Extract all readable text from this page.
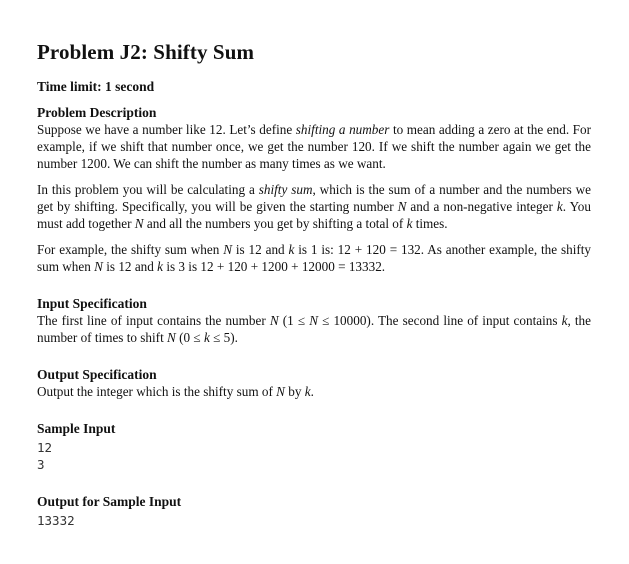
Problem J2: Shifty Sum
Time limit: 1 second
Problem Description

Suppose we have a number like 12. Let’s define shifting a number to mean adding a zero at the end. For example, if we shift that number once, we get the number 120. If we shift the number again we get the number 1200. We can shift the number as many times as we want.

In this problem you will be calculating a shifty sum, which is the sum of a number and the numbers we get by shifting. Specifically, you will be given the starting number N and a non-negative integer k. You must add together N and all the numbers you get by shifting a total of k times.

For example, the shifty sum when N is 12 and k is 1 is: 12 + 120 = 132. As another example, the shifty sum when N is 12 and k is 3 is 12 + 120 + 1200 + 12000 = 13332.

Input Specification

The first line of input contains the number N (1 ≤ N ≤ 10000). The second line of input contains k, the number of times to shift N (0 ≤ k ≤ 5).

Output Specification

Output the integer which is the shifty sum of N by k.

Sample Input
12
3
Output for Sample Input
13332
